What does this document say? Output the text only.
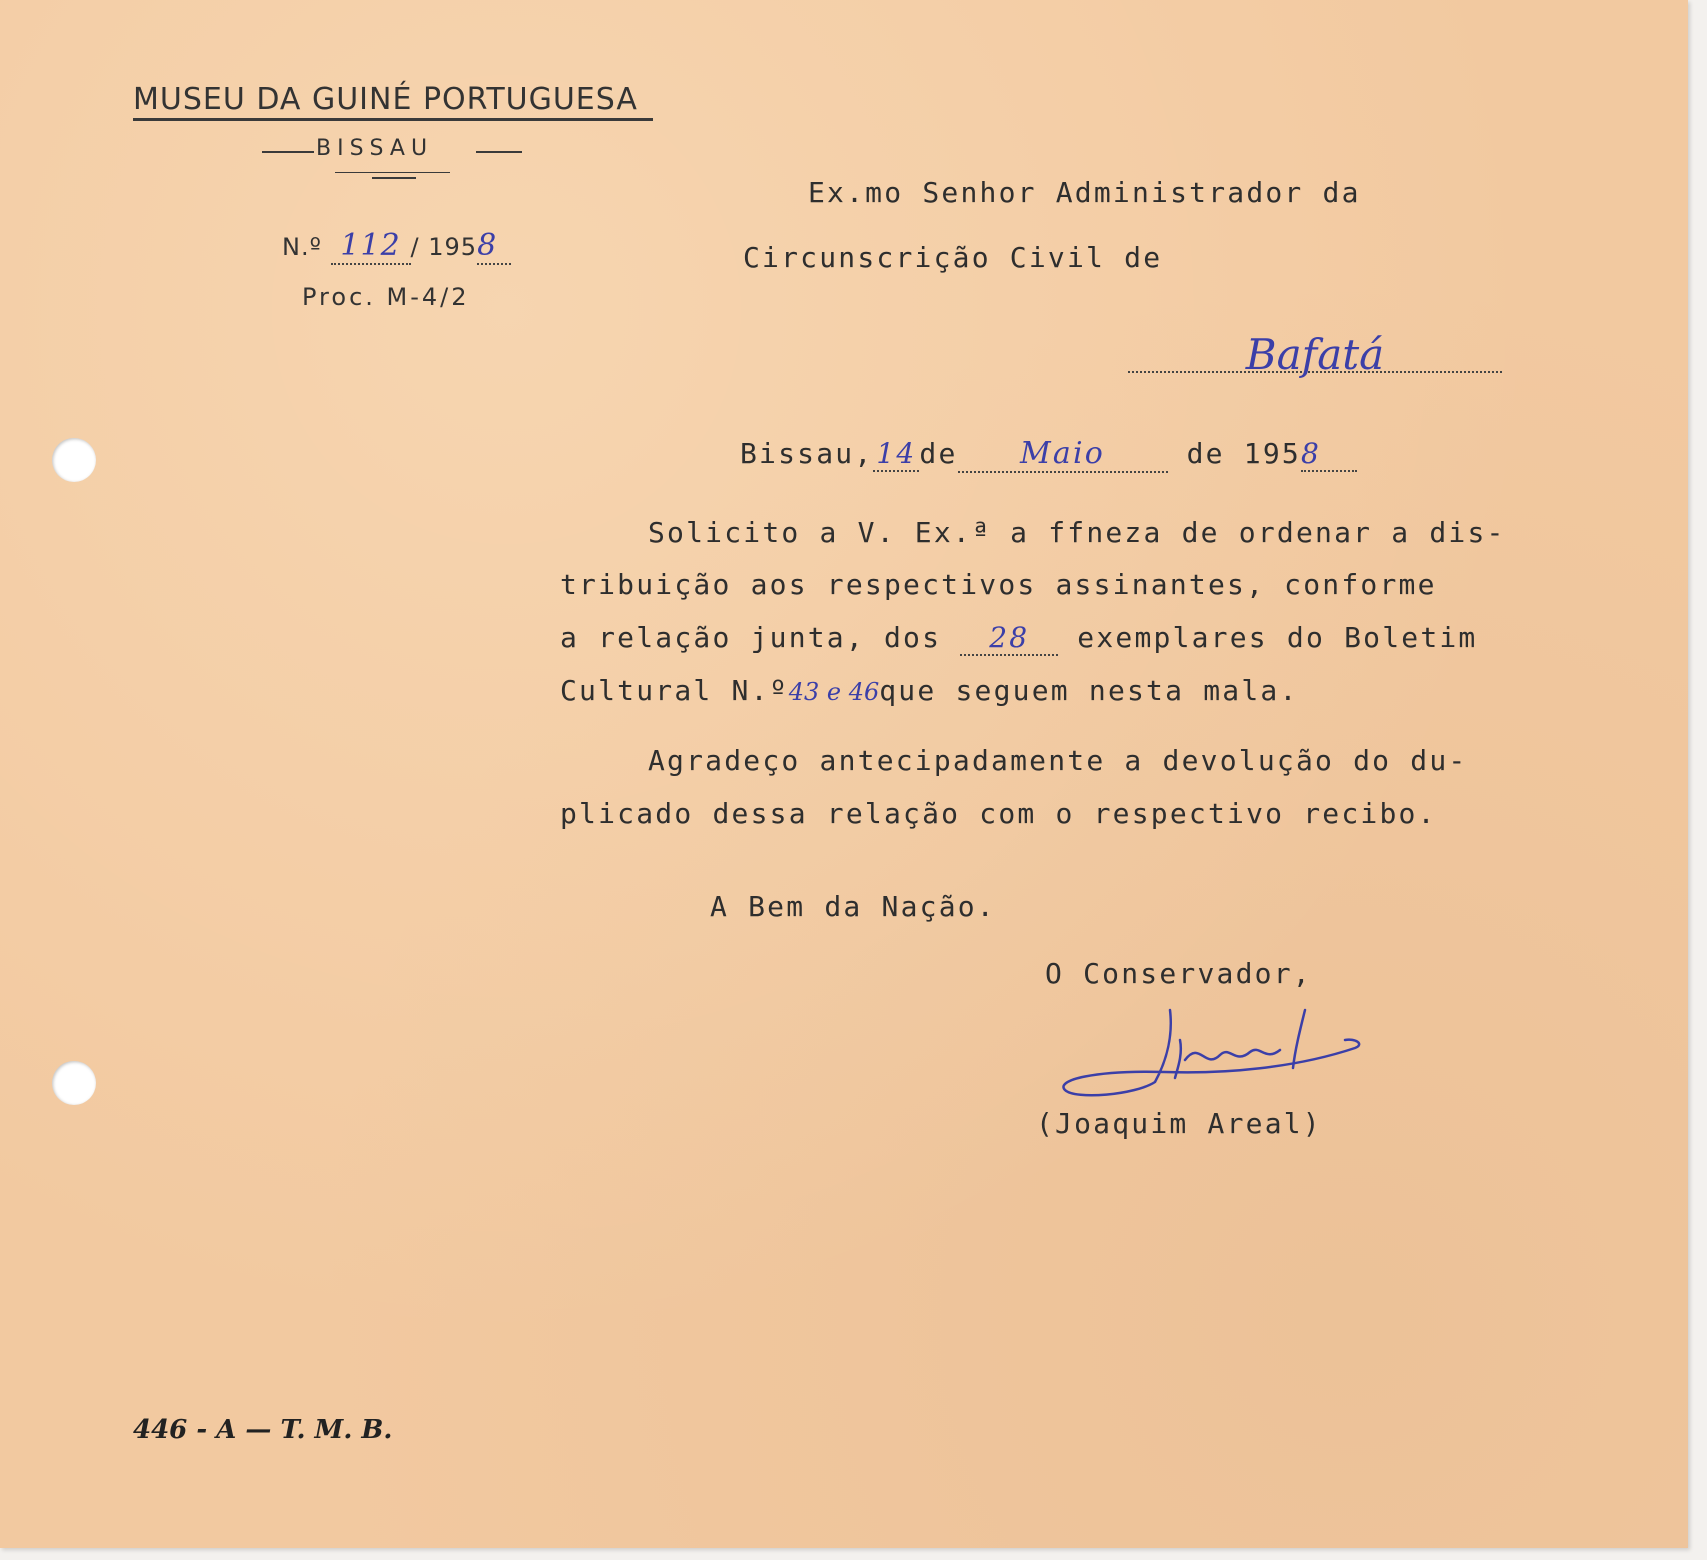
MUSEU DA GUINÉ PORTUGUESA
BISSAU
N.º 112 / 1958
Proc. M-4/2
Ex.mo Senhor Administrador da
Circunscrição Civil de
Bafatá
Bissau, 14 de Maio	de 1958
Solicito a V. Ex.ª a ffneza de ordenar a dis-
tribuição aos respectivos assinantes, conforme
a relação junta, dos 28 exemplares do Boletim
Cultural N.º43 e 46que seguem nesta mala.
Agradeço antecipadamente a devolução do du-
plicado dessa relação com o respectivo recibo.
A Bem da Nação.
O Conservador,
(Joaquim Areal)
446 - A — T. M. B.
